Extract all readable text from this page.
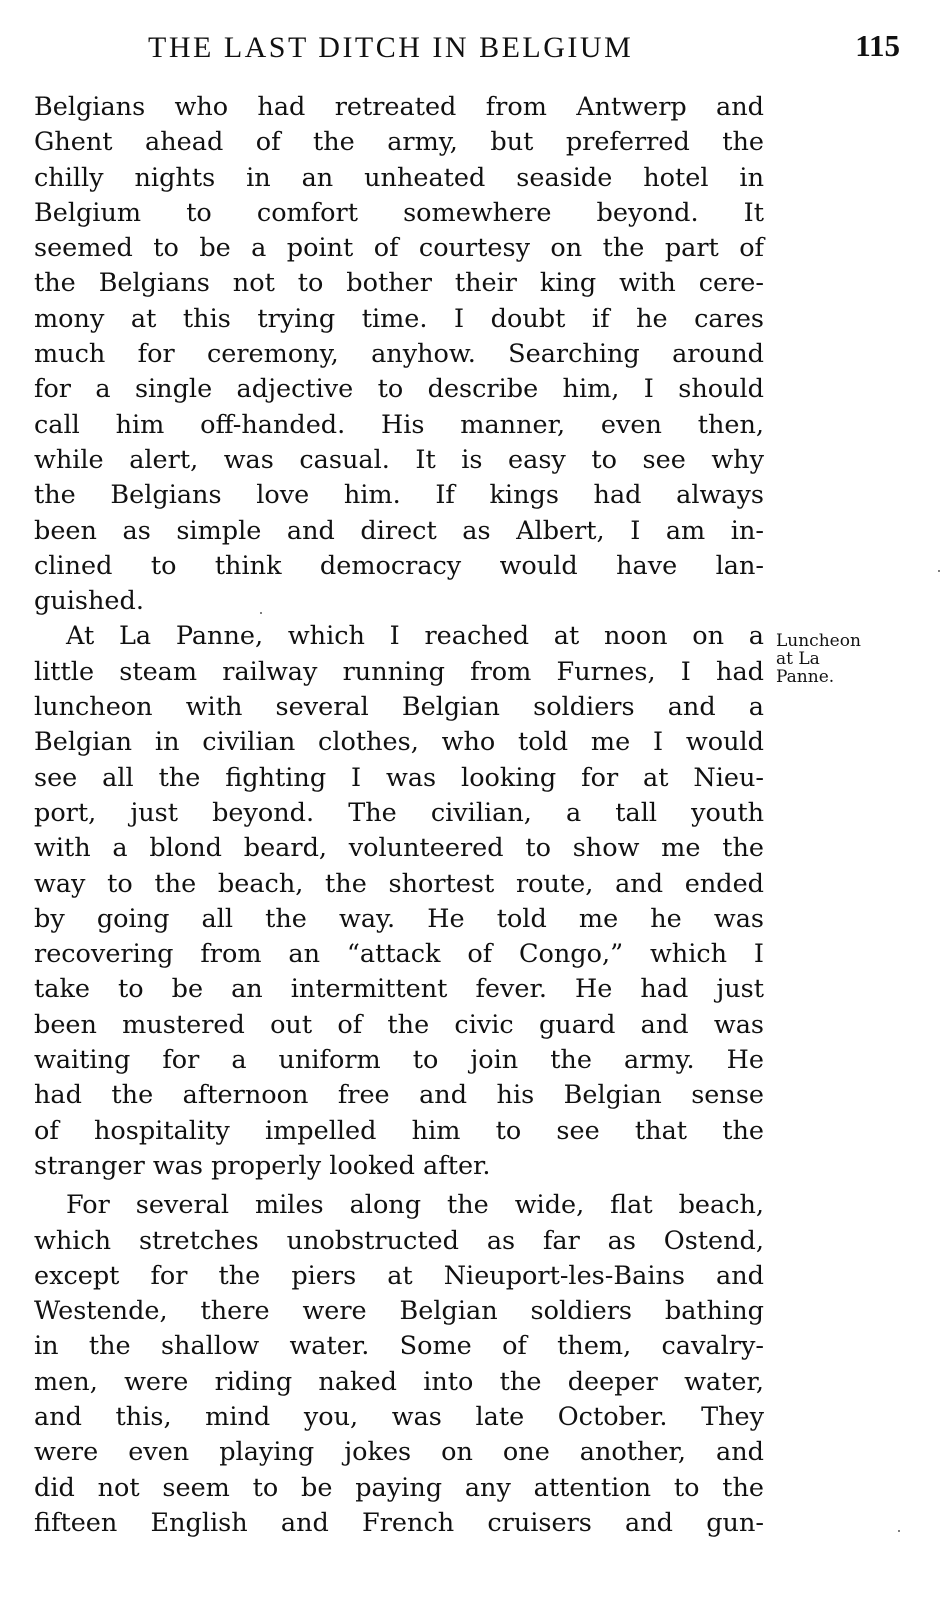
THE LAST DITCH IN BELGIUM	115
Belgians who had retreated from Antwerp and
Ghent ahead of the army, but preferred the
chilly nights in an unheated seaside hotel in
Belgium to comfort somewhere beyond. It
seemed to be a point of courtesy on the part of
the Belgians not to bother their king with cere-
mony at this trying time. I doubt if he cares
much for ceremony, anyhow. Searching around
for a single adjective to describe him, I should
call him off-handed. His manner, even then,
while alert, was casual. It is easy to see why
the Belgians love him. If kings had always
been as simple and direct as Albert, I am in-
clined to think democracy would have lan-
guished.
At La Panne, which I reached at noon on a
little steam railway running from Furnes, I had
luncheon with several Belgian soldiers and a
Belgian in civilian clothes, who told me I would
see all the fighting I was looking for at Nieu-
port, just beyond. The civilian, a tall youth
with a blond beard, volunteered to show me the
way to the beach, the shortest route, and ended
by going all the way. He told me he was
recovering from an “attack of Congo,” which I
take to be an intermittent fever. He had just
been mustered out of the civic guard and was
waiting for a uniform to join the army. He
had the afternoon free and his Belgian sense
of hospitality impelled him to see that the
stranger was properly looked after.
For several miles along the wide, flat beach,
which stretches unobstructed as far as Ostend,
except for the piers at Nieuport-les-Bains and
Westende, there were Belgian soldiers bathing
in the shallow water. Some of them, cavalry-
men, were riding naked into the deeper water,
and this, mind you, was late October. They
were even playing jokes on one another, and
did not seem to be paying any attention to the
fifteen English and French cruisers and gun-
Luncheon
at La
Panne.
